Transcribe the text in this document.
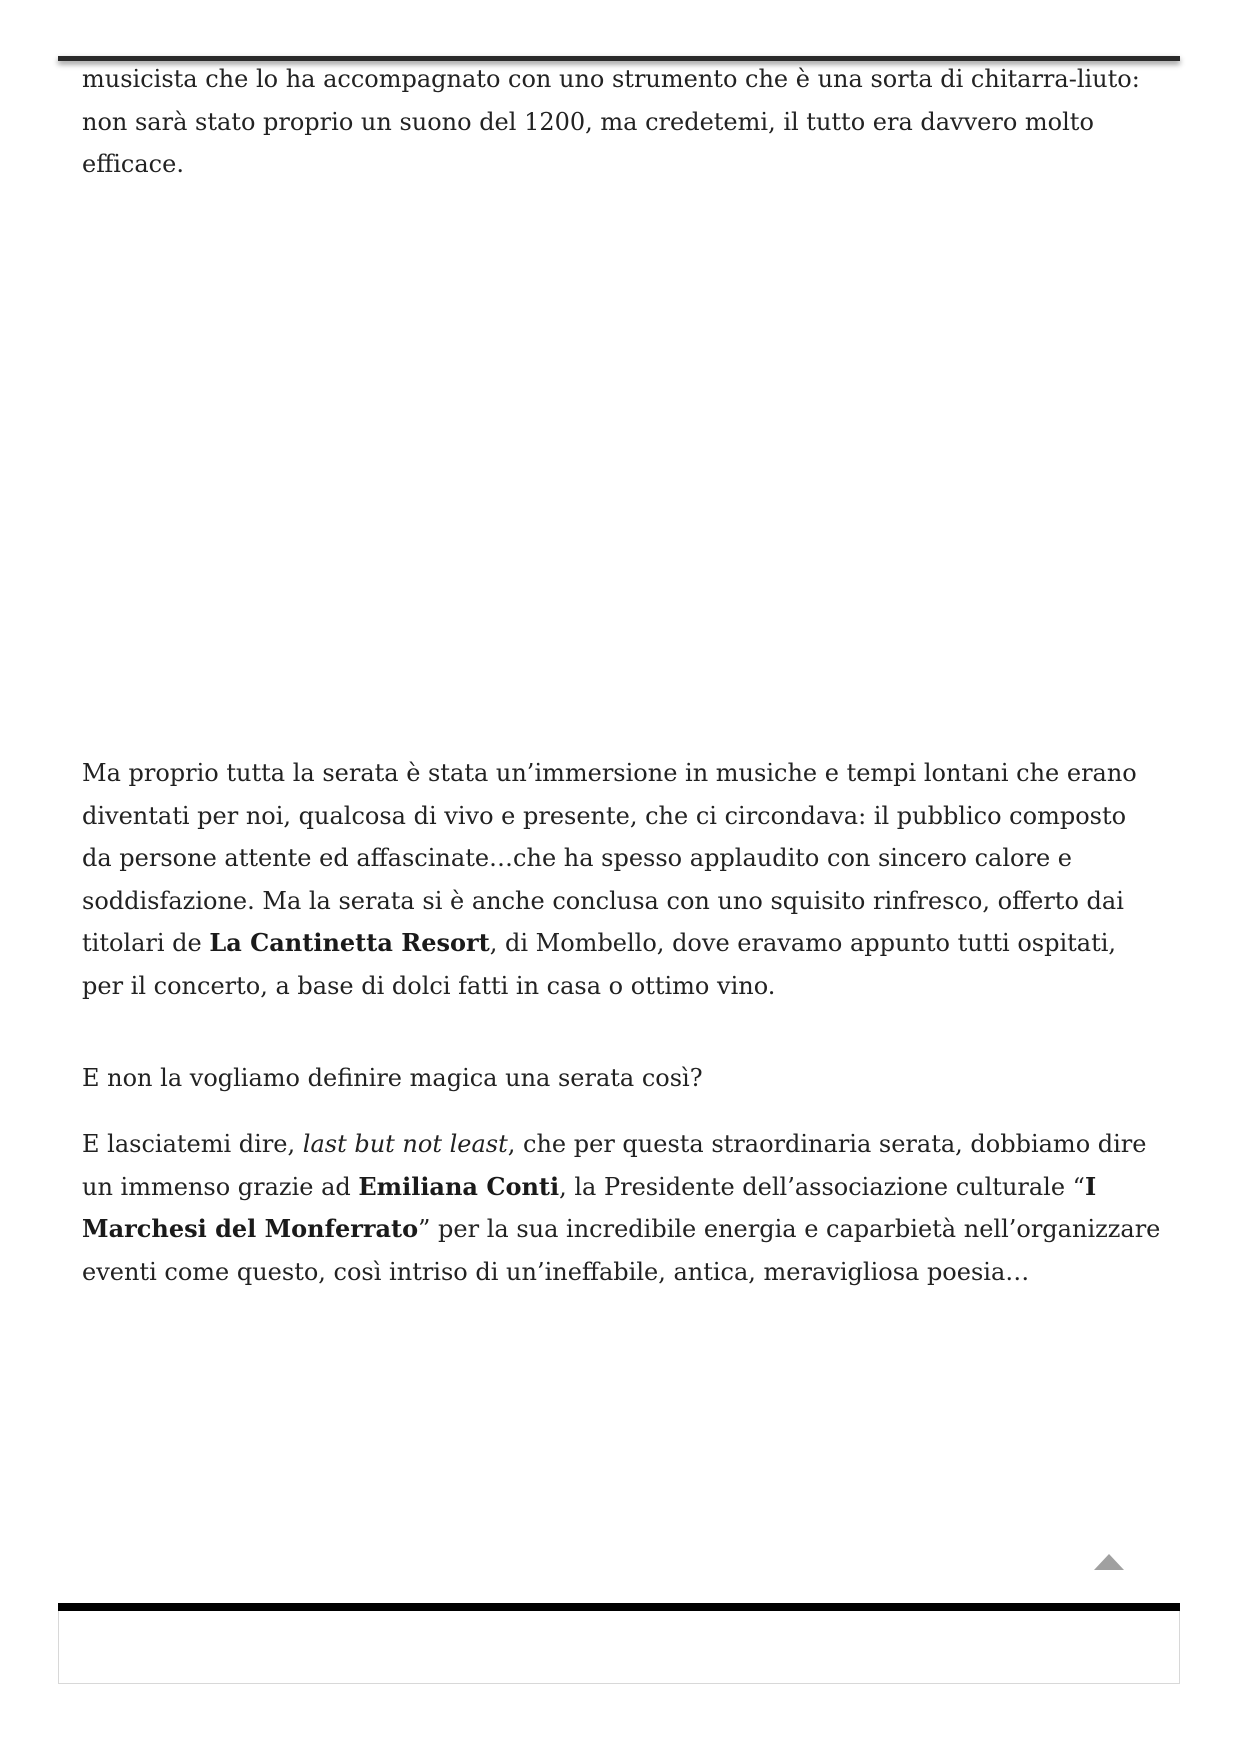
musicista che lo ha accompagnato con uno strumento che è una sorta di chitarra-liuto: non sarà stato proprio un suono del 1200, ma credetemi, il tutto era davvero molto efficace.

Ma proprio tutta la serata è stata un’immersione in musiche e tempi lontani che erano diventati per noi, qualcosa di vivo e presente, che ci circondava: il pubblico composto da persone attente ed affascinate…che ha spesso applaudito con sincero calore e soddisfazione. Ma la serata si è anche conclusa con uno squisito rinfresco, offerto dai titolari de La Cantinetta Resort, di Mombello, dove eravamo appunto tutti ospitati, per il concerto, a base di dolci fatti in casa o ottimo vino.

E non la vogliamo definire magica una serata così?

E lasciatemi dire, last but not least, che per questa straordinaria serata, dobbiamo dire un immenso grazie ad Emiliana Conti, la Presidente dell’associazione culturale “I Marchesi del Monferrato” per la sua incredibile energia e caparbietà nell’organizzare eventi come questo, così intriso di un’ineffabile, antica, meravigliosa poesia…
